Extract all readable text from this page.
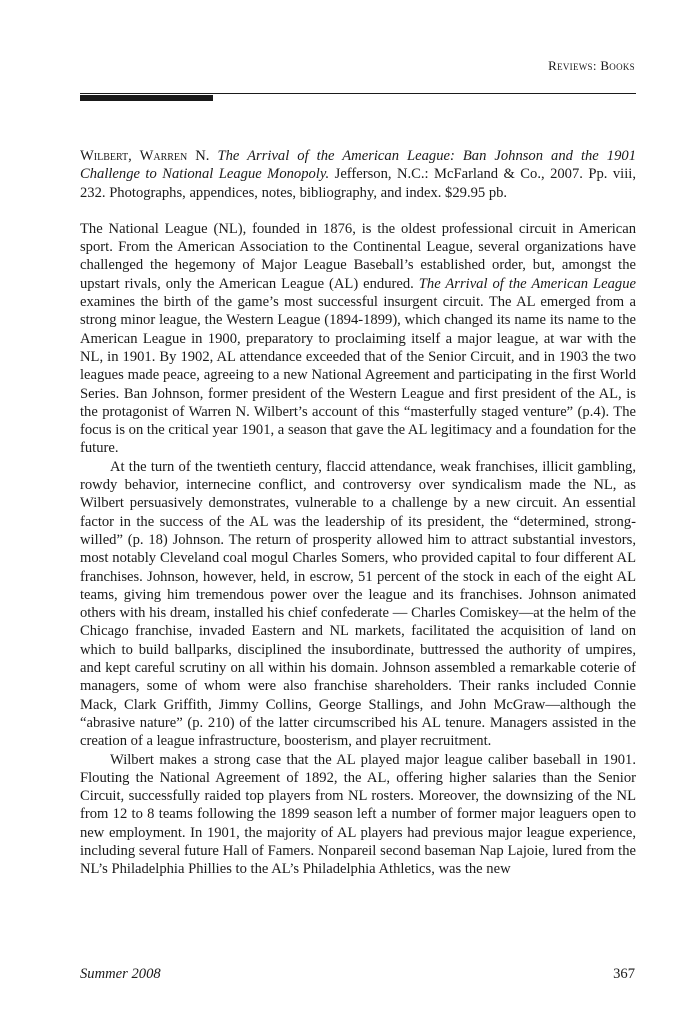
Reviews: Books

Wilbert, Warren N. The Arrival of the American League: Ban Johnson and the 1901 Challenge to National League Monopoly. Jefferson, N.C.: McFarland & Co., 2007. Pp. viii, 232. Photographs, appendices, notes, bibliography, and index. $29.95 pb.

The National League (NL), founded in 1876, is the oldest professional circuit in American sport. From the American Association to the Continental League, several organizations have challenged the hegemony of Major League Baseball’s established order, but, amongst the upstart rivals, only the American League (AL) endured. The Arrival of the American League examines the birth of the game’s most successful insurgent circuit. The AL emerged from a strong minor league, the Western League (1894-1899), which changed its name its name to the American League in 1900, preparatory to proclaiming itself a major league, at war with the NL, in 1901. By 1902, AL attendance exceeded that of the Senior Circuit, and in 1903 the two leagues made peace, agreeing to a new National Agreement and participating in the first World Series. Ban Johnson, former president of the Western League and first president of the AL, is the protagonist of Warren N. Wilbert’s account of this “masterfully staged venture” (p.4). The focus is on the critical year 1901, a season that gave the AL legitimacy and a foundation for the future.

At the turn of the twentieth century, flaccid attendance, weak franchises, illicit gambling, rowdy behavior, internecine conflict, and controversy over syndicalism made the NL, as Wilbert persuasively demonstrates, vulnerable to a challenge by a new circuit. An essential factor in the success of the AL was the leadership of its president, the “determined, strong-willed” (p. 18) Johnson. The return of prosperity allowed him to attract substantial investors, most notably Cleveland coal mogul Charles Somers, who provided capital to four different AL franchises. Johnson, however, held, in escrow, 51 percent of the stock in each of the eight AL teams, giving him tremendous power over the league and its franchises. Johnson animated others with his dream, installed his chief confederate — Charles Comiskey—at the helm of the Chicago franchise, invaded Eastern and NL markets, facilitated the acquisition of land on which to build ballparks, disciplined the insubordinate, buttressed the authority of umpires, and kept careful scrutiny on all within his domain. Johnson assembled a remarkable coterie of managers, some of whom were also franchise shareholders. Their ranks included Connie Mack, Clark Griffith, Jimmy Collins, George Stallings, and John McGraw—although the “abrasive nature” (p. 210) of the latter circumscribed his AL tenure. Managers assisted in the creation of a league infrastructure, boosterism, and player recruitment.

Wilbert makes a strong case that the AL played major league caliber baseball in 1901. Flouting the National Agreement of 1892, the AL, offering higher salaries than the Senior Circuit, successfully raided top players from NL rosters. Moreover, the downsizing of the NL from 12 to 8 teams following the 1899 season left a number of former major leaguers open to new employment. In 1901, the majority of AL players had previous major league experience, including several future Hall of Famers. Nonpareil second baseman Nap Lajoie, lured from the NL’s Philadelphia Phillies to the AL’s Philadelphia Athletics, was the new

Summer 2008	367
